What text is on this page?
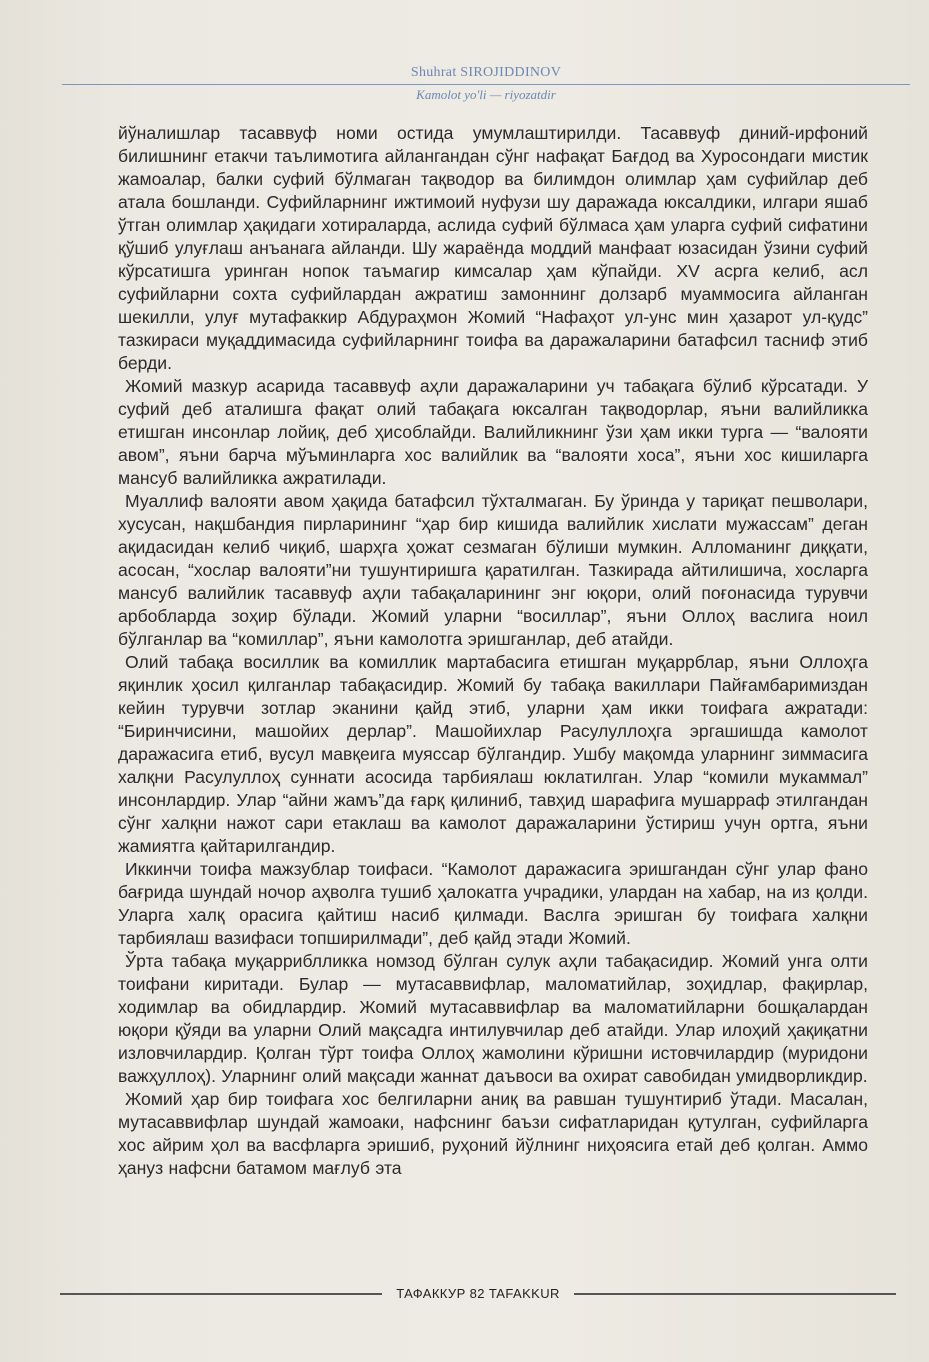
Shuhrat SIROJIDDINOV
Kamolot yo'li — riyozatdir

йўналишлар тасаввуф номи остида умумлаштирилди. Тасаввуф диний-ирфоний билишнинг етакчи таълимотига айлангандан сўнг нафақат Бағдод ва Хуросондаги мистик жамоалар, балки суфий бўлмаган тақводор ва билимдон олимлар ҳам суфийлар деб атала бошланди. Суфийларнинг ижтимоий нуфузи шу даражада юксалдики, илгари яшаб ўтган олимлар ҳақидаги хотираларда, аслида суфий бўлмаса ҳам уларга суфий сифатини қўшиб улуғлаш анъанага айланди. Шу жараёнда моддий манфаат юзасидан ўзини суфий кўрсатишга уринган нопок таъмагир кимсалар ҳам кўпайди. XV асрга келиб, асл суфийларни сохта суфийлардан ажратиш замоннинг долзарб муаммосига айланган шекилли, улуғ мутафаккир Абдураҳмон Жомий “Нафаҳот ул-унс мин ҳазарот ул-қудс” тазкираси муқаддимасида суфийларнинг тоифа ва даражаларини батафсил тасниф этиб берди.

Жомий мазкур асарида тасаввуф аҳли даражаларини уч табақага бўлиб кўрсатади. У суфий деб аталишга фақат олий табақага юксалган тақводорлар, яъни валийликка етишган инсонлар лойиқ, деб ҳисоблайди. Валийликнинг ўзи ҳам икки турга — “валояти авом”, яъни барча мўъминларга хос валийлик ва “валояти хоса”, яъни хос кишиларга мансуб валийликка ажратилади.

Муаллиф валояти авом ҳақида батафсил тўхталмаган. Бу ўринда у тариқат пешволари, хусусан, нақшбандия пирларининг “ҳар бир кишида валийлик хислати мужассам” деган ақидасидан келиб чиқиб, шарҳга ҳожат сезмаган бўлиши мумкин. Алломанинг диққати, асосан, “хослар валояти”ни тушунтиришга қаратилган. Тазкирада айтилишича, хосларга мансуб валийлик тасаввуф аҳли табақаларининг энг юқори, олий поғонасида турувчи арбобларда зоҳир бўлади. Жомий уларни “восиллар”, яъни Оллоҳ васлига ноил бўлганлар ва “комиллар”, яъни камолотга эришганлар, деб атайди.

Олий табақа восиллик ва комиллик мартабасига етишган муқаррблар, яъни Оллоҳга яқинлик ҳосил қилганлар табақасидир. Жомий бу табақа вакиллари Пайғамбаримиздан кейин турувчи зотлар эканини қайд этиб, уларни ҳам икки тоифага ажратади: “Биринчисини, машойих дерлар”. Машойихлар Расулуллоҳга эргашишда камолот даражасига етиб, вусул мавқеига муяссар бўлгандир. Ушбу мақомда уларнинг зиммасига халқни Расулуллоҳ суннати асосида тарбиялаш юклатилган. Улар “комили мукаммал” инсонлардир. Улар “айни жамъ”да ғарқ қилиниб, тавҳид шарафига мушарраф этилгандан сўнг халқни нажот сари етаклаш ва камолот даражаларини ўстириш учун ортга, яъни жамиятга қайтарилгандир.

Иккинчи тоифа мажзублар тоифаси. “Камолот даражасига эришгандан сўнг улар фано бағрида шундай ночор аҳволга тушиб ҳалокатга учрадики, улардан на хабар, на из қолди. Уларга халқ орасига қайтиш насиб қилмади. Васлга эришган бу тоифага халқни тарбиялаш вазифаси топширилмади”, деб қайд этади Жомий.

Ўрта табақа муқарриблликка номзод бўлган сулук аҳли табақасидир. Жомий унга олти тоифани киритади. Булар — мутасаввифлар, маломатийлар, зоҳидлар, фақирлар, ходимлар ва обидлардир. Жомий мутасаввифлар ва маломатийларни бошқалардан юқори қўяди ва уларни Олий мақсадга интилувчилар деб атайди. Улар илоҳий ҳақиқатни изловчилардир. Қолган тўрт тоифа Оллоҳ жамолини кўришни истовчилардир (муридони важҳуллоҳ). Уларнинг олий мақсади жаннат даъвоси ва охират савобидан умидворликдир.

Жомий ҳар бир тоифага хос белгиларни аниқ ва равшан тушунтириб ўтади. Масалан, мутасаввифлар шундай жамоаки, нафснинг баъзи сифатларидан қутулган, суфийларга хос айрим ҳол ва васфларга эришиб, руҳоний йўлнинг ниҳоясига етай деб қолган. Аммо ҳануз нафсни батамом мағлуб эта

ТАФАККУР 82 TAFAKKUR
